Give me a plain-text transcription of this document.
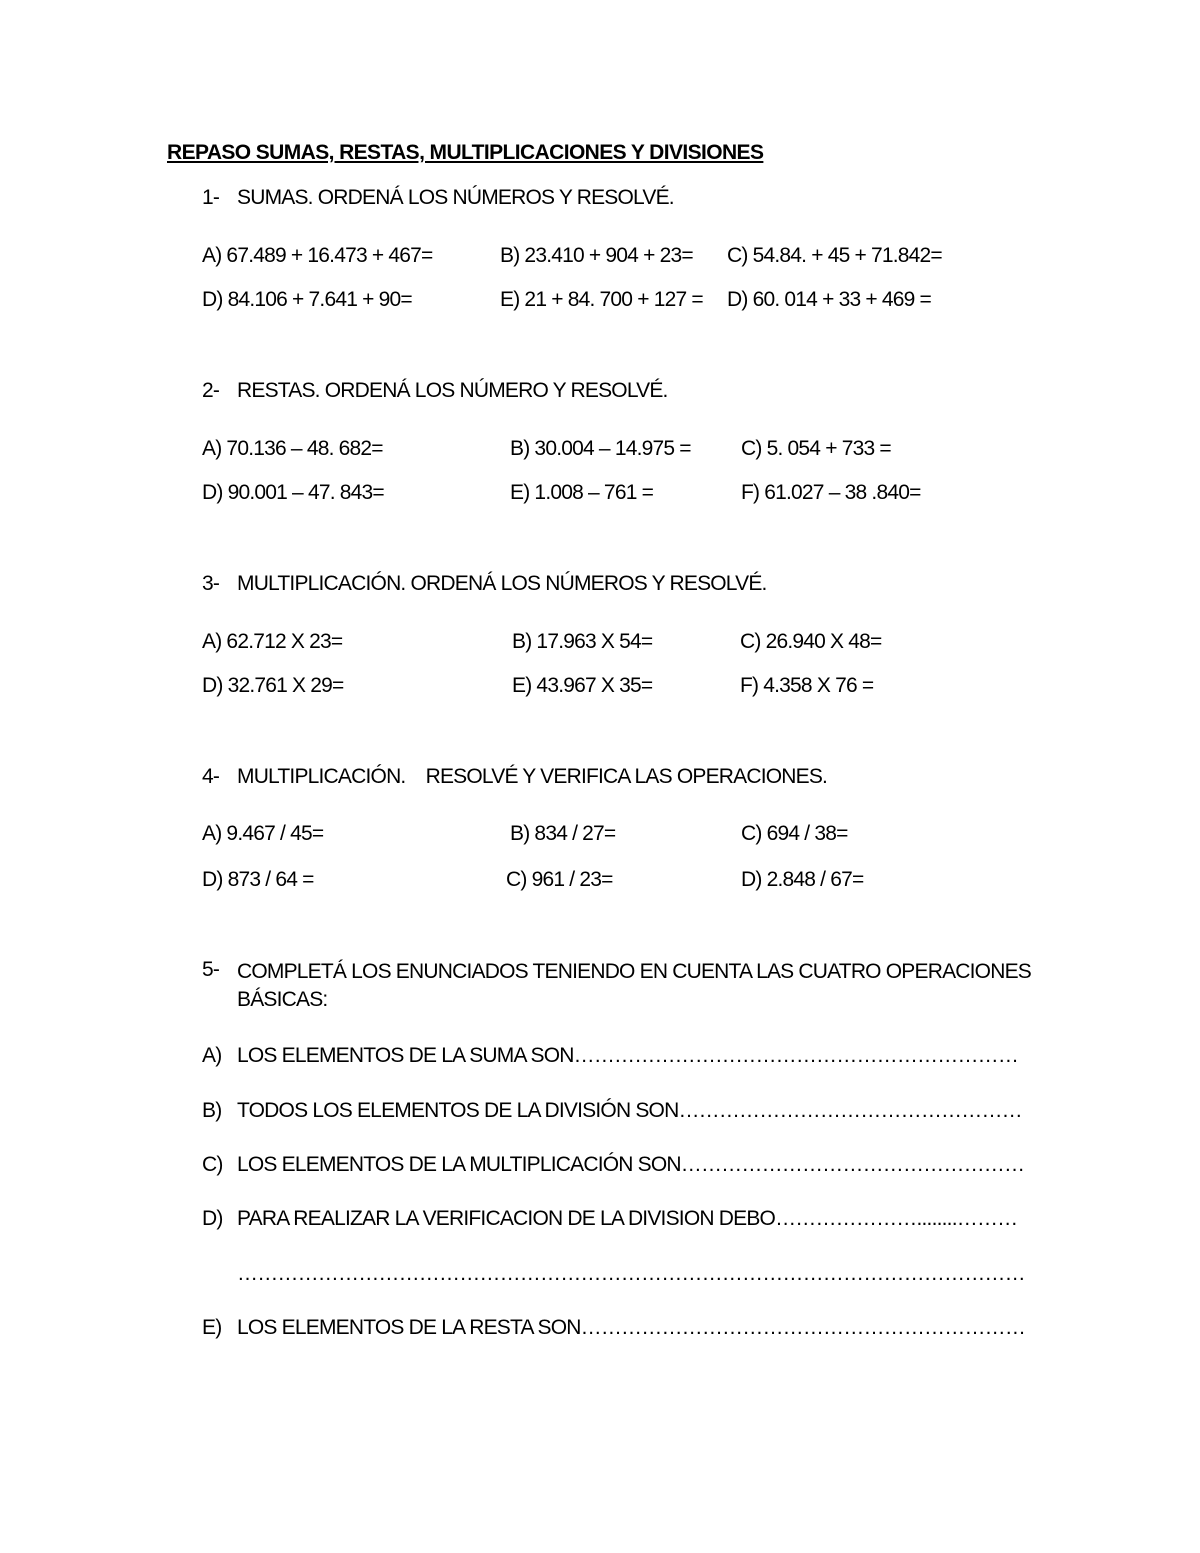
REPASO SUMAS, RESTAS, MULTIPLICACIONES Y DIVISIONES
1- SUMAS. ORDENÁ LOS NÚMEROS Y RESOLVÉ.
A) 67.489 + 16.473 + 467=	B) 23.410 + 904 + 23= C) 54.84. + 45 + 71.842=
D) 84.106 + 7.641 + 90=	E) 21 + 84. 700 + 127 = D) 60. 014 + 33 + 469 =
2- RESTAS. ORDENÁ LOS NÚMERO Y RESOLVÉ.
A) 70.136 – 48. 682=	B) 30.004 – 14.975 = C) 5. 054 + 733 =
D) 90.001 – 47. 843=	E) 1.008 – 761 =	F) 61.027 – 38 .840=
3- MULTIPLICACIÓN. ORDENÁ LOS NÚMEROS Y RESOLVÉ.
A) 62.712 X 23=	B) 17.963 X 54=	C) 26.940 X 48=
D) 32.761 X 29=	E) 43.967 X 35=	F) 4.358 X 76 =
4- MULTIPLICACIÓN.    RESOLVÉ Y VERIFICA LAS OPERACIONES.
A) 9.467 / 45=	B) 834 / 27=	C) 694 / 38=
D) 873 / 64 =	C) 961 / 23=	D) 2.848 / 67=
5- COMPLETÁ LOS ENUNCIADOS TENIENDO EN CUENTA LAS CUATRO OPERACIONES BÁSICAS:
A) LOS ELEMENTOS DE LA SUMA SON…………………………………………………………
B) TODOS LOS ELEMENTOS DE LA DIVISIÓN SON……………………………………………
C) LOS ELEMENTOS DE LA MULTIPLICACIÓN SON……………………………………………
D) PARA REALIZAR LA VERIFICACION DE LA DIVISION DEBO…………………........………
………………………………………………………………………………………………………
E) LOS ELEMENTOS DE LA RESTA SON…………………………………………………………
